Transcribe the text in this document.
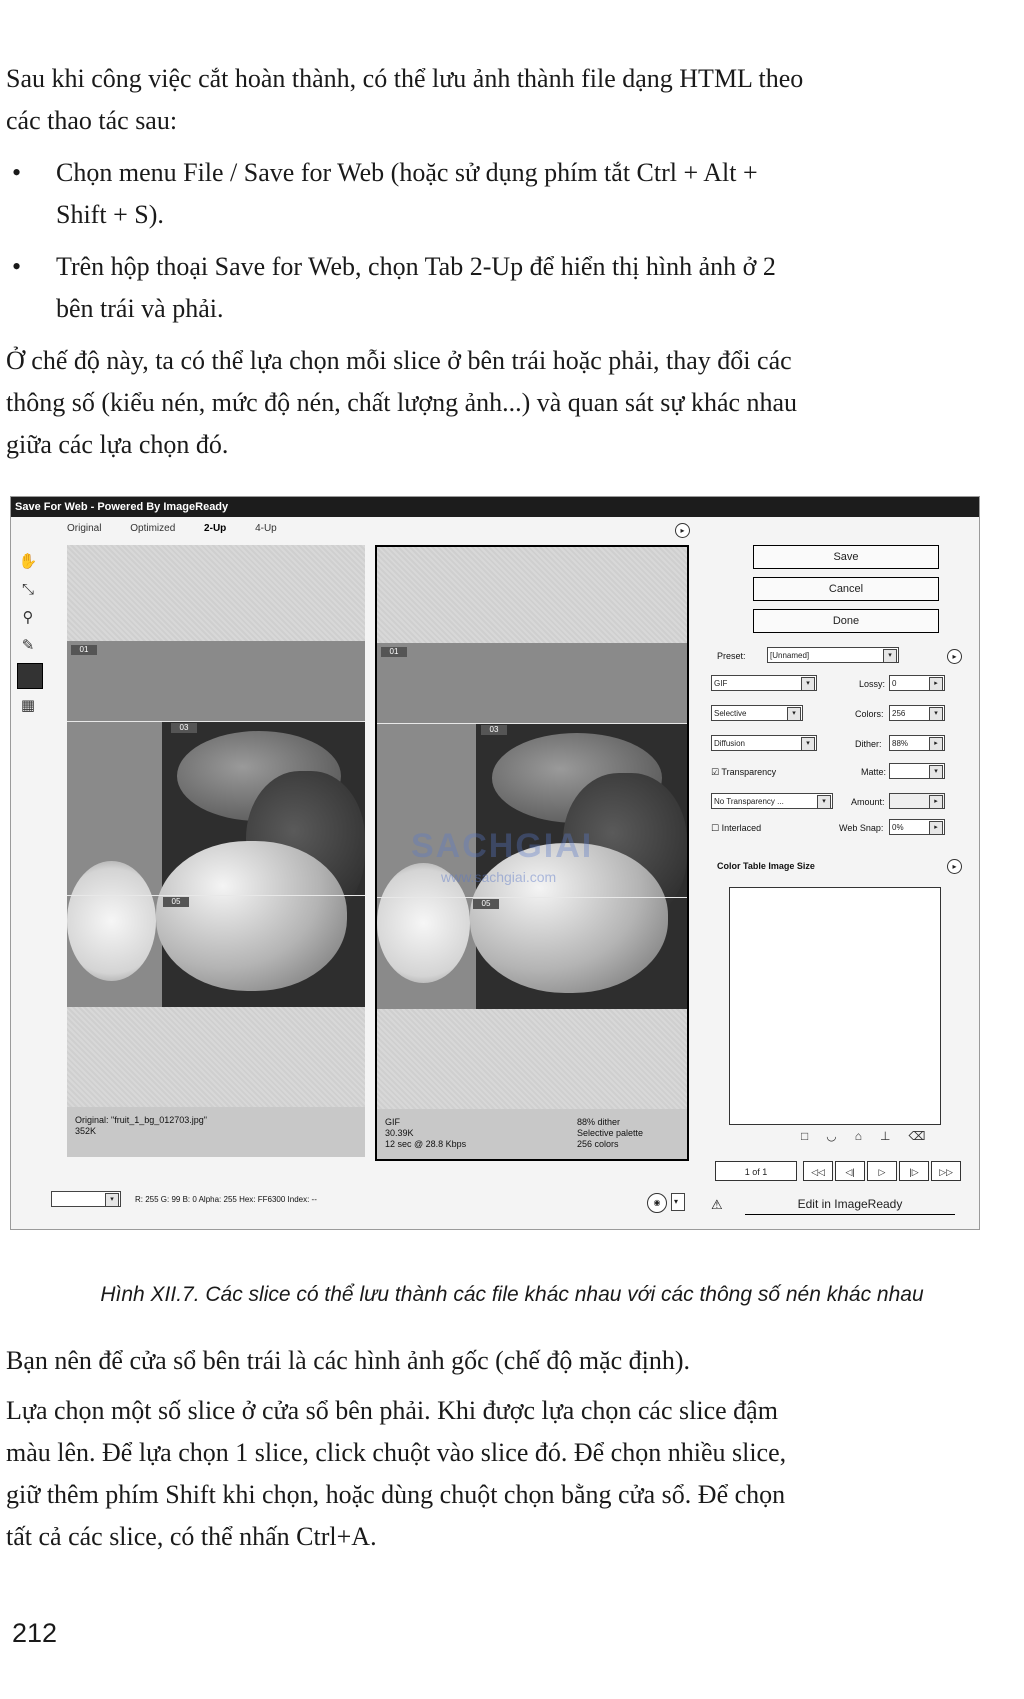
Sau khi công việc cắt hoàn thành, có thể lưu ảnh thành file dạng HTML theo
các thao tác sau:
• Chọn menu File / Save for Web (hoặc sử dụng phím tắt Ctrl + Alt +
Shift + S).
• Trên hộp thoại Save for Web, chọn Tab 2-Up để hiển thị hình ảnh ở 2
bên trái và phải.
Ở chế độ này, ta có thể lựa chọn mỗi slice ở bên trái hoặc phải, thay đổi các
thông số (kiểu nén, mức độ nén, chất lượng ảnh...) và quan sát sự khác nhau
giữa các lựa chọn đó.
Save For Web - Powered By ImageReady
Original	Optimized	2-Up	4-Up	▸
✋
⤡
⚲
✎
▦
01
03
05
Original: "fruit_1_bg_012703.jpg"
352K
01
03
05
GIF
30.39K
12 sec @ 28.8 Kbps
88% dither
Selective palette
256 colors
SACHGIAI
www.sachgiai.com
Save
Cancel
Done
Preset:	[Unnamed]	▾	▸
GIF	▾	Lossy: 0	▸
Selective	▾	Colors:	256	▾
Diffusion	▾	Dither:	88%	▸
☑ Transparency	Matte:	▾
No Transparency ...	▾	Amount:	▸
☐ Interlaced	Web Snap:	0%	▸
Color Table Image Size	▸
□◡⌂⊥⌫
1 of 1	◁◁	◁|	▷	|▷	▷▷
▾	R: 255 G: 99 B: 0 Alpha: 255 Hex: FF6300 Index: --	◉	▾	⚠	Edit in ImageReady
Hình XII.7. Các slice có thể lưu thành các file khác nhau với các thông số nén khác nhau
Bạn nên để cửa sổ bên trái là các hình ảnh gốc (chế độ mặc định).
Lựa chọn một số slice ở cửa sổ bên phải. Khi được lựa chọn các slice đậm
màu lên. Để lựa chọn 1 slice, click chuột vào slice đó. Để chọn nhiều slice,
giữ thêm phím Shift khi chọn, hoặc dùng chuột chọn bằng cửa sổ. Để chọn
tất cả các slice, có thể nhấn Ctrl+A.
212
